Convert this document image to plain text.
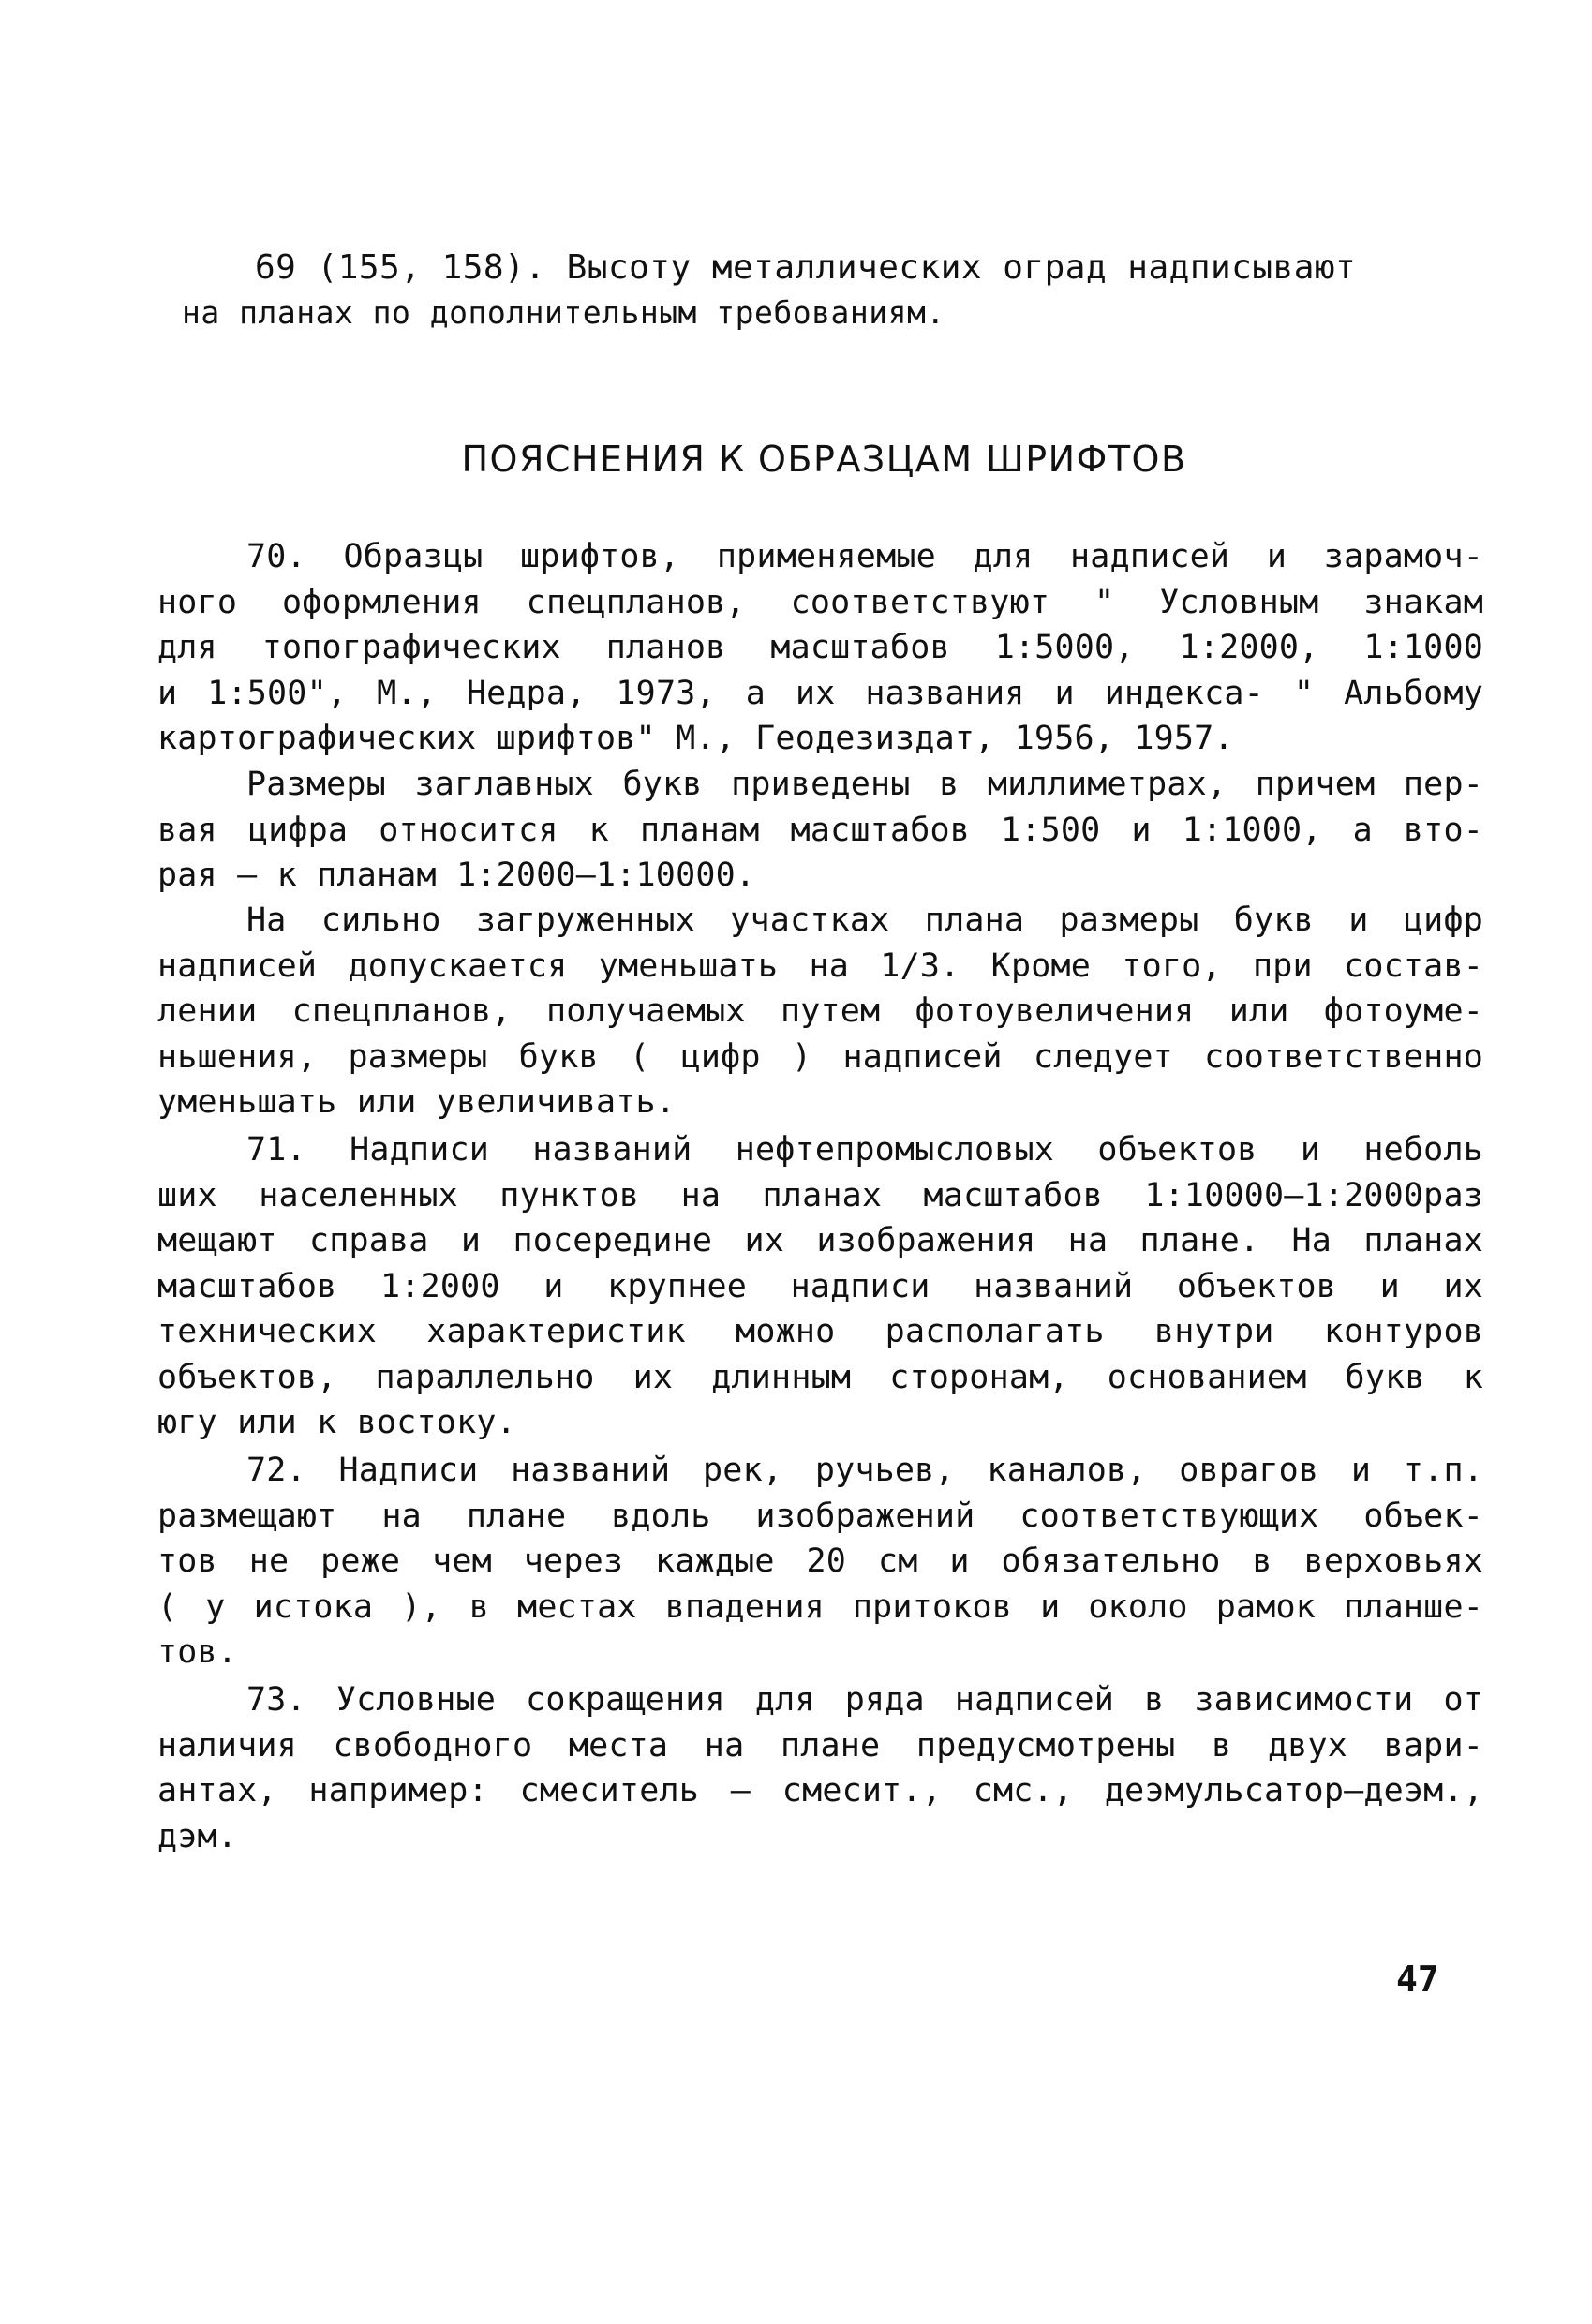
69 (155, 158). Высоту металлических оград надписывают
на планах по дополнительным требованиям.
ПОЯСНЕНИЯ К ОБРАЗЦАМ ШРИФТОВ
70. Образцы шрифтов, применяемые для надписей и зарамоч-
ного оформления спецпланов, соответствуют " Условным знакам
для топографических планов масштабов 1:5000, 1:2000, 1:1000
и 1:500", М., Недра, 1973, а их названия и индекса- " Альбому
картографических шрифтов" М., Геодезиздат, 1956, 1957.
Размеры заглавных букв приведены в миллиметрах, причем пер-
вая цифра относится к планам масштабов 1:500 и 1:1000, а вто-
рая – к планам 1:2000–1:10000.
На сильно загруженных участках плана размеры букв и цифр
надписей допускается уменьшать на 1/3. Кроме того, при состав-
лении спецпланов, получаемых путем фотоувеличения или фотоуме-
ньшения, размеры букв ( цифр ) надписей следует соответственно
уменьшать или увеличивать.
71. Надписи названий нефтепромысловых объектов и неболь
ших населенных пунктов на планах масштабов 1:10000–1:2000раз
мещают справа и посередине их изображения на плане. На планах
масштабов 1:2000 и крупнее надписи названий объектов и их
технических характеристик можно располагать внутри контуров
объектов, параллельно их длинным сторонам, основанием букв к
югу или к востоку.
72. Надписи названий рек, ручьев, каналов, оврагов и т.п.
размещают на плане вдоль изображений соответствующих объек-
тов не реже чем через каждые 20 см и обязательно в верховьях
( у истока ), в местах впадения притоков и около рамок планше-
тов.
73. Условные сокращения для ряда надписей в зависимости от
наличия свободного места на плане предусмотрены в двух вари-
антах, например: смеситель – смесит., смс., деэмульсатор–деэм.,
дэм.
47
